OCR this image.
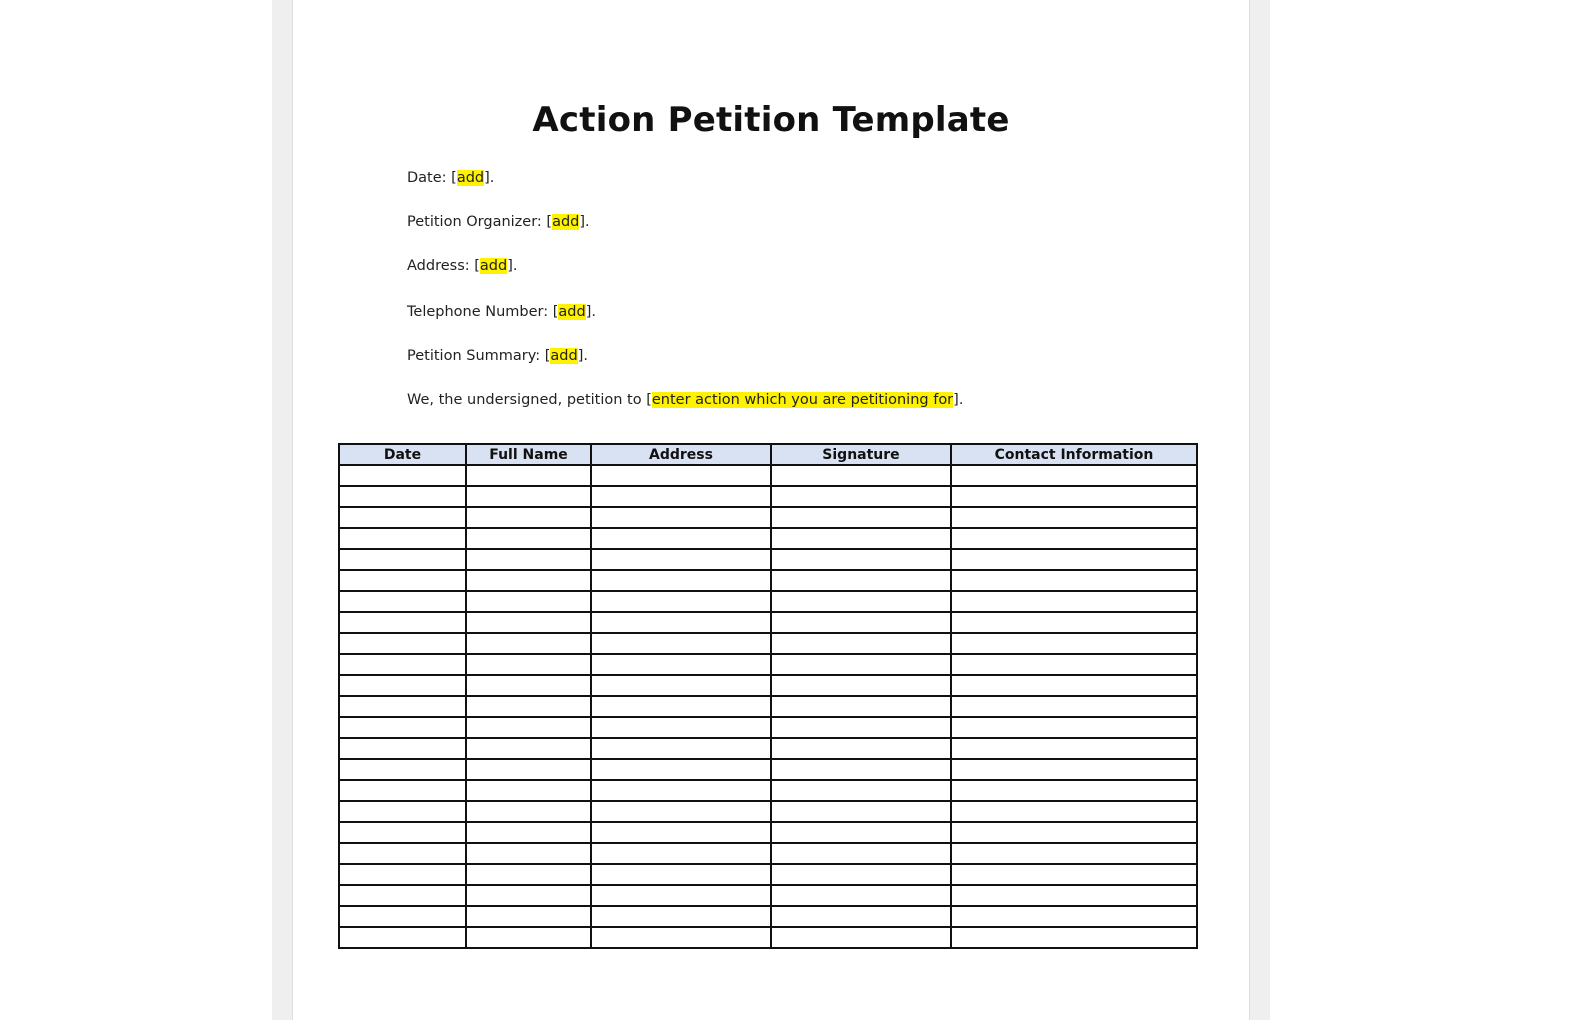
Action Petition Template
Date: [add].
Petition Organizer: [add].
Address: [add].
Telephone Number: [add].
Petition Summary: [add].
We, the undersigned, petition to [enter action which you are petitioning for].
Date	Full Name	Address	Signature	Contact Information
